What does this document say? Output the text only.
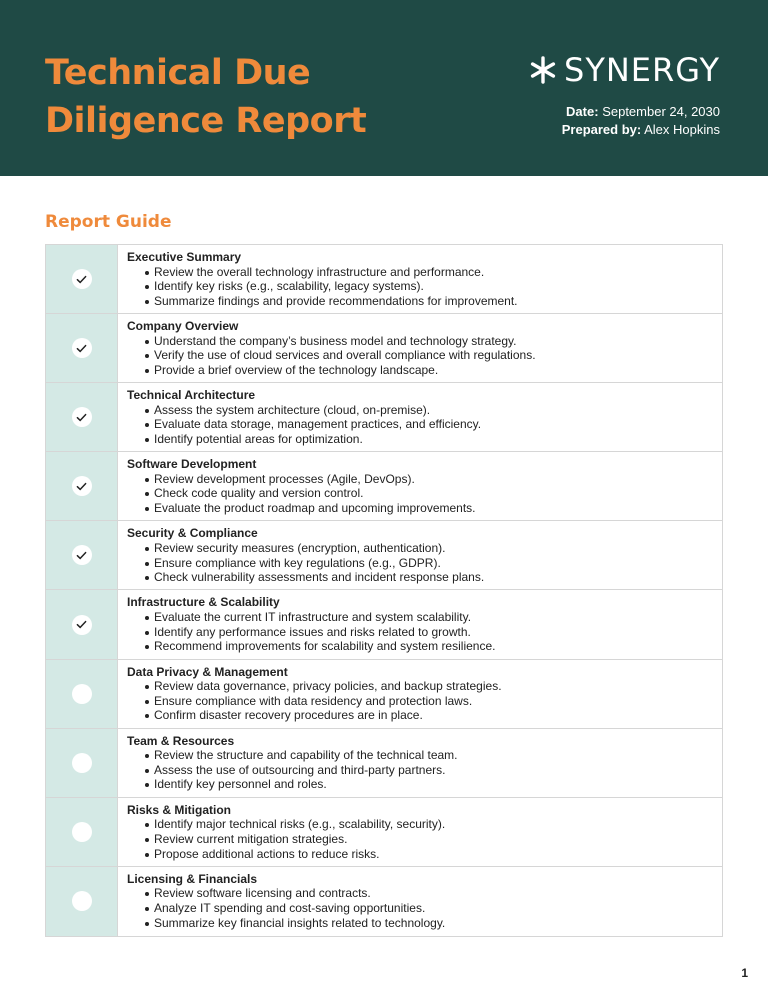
Technical Due
Diligence Report
SYNERGY
Date: September 24, 2030
Prepared by: Alex Hopkins
Report Guide
Executive Summary
Review the overall technology infrastructure and performance.
Identify key risks (e.g., scalability, legacy systems).
Summarize findings and provide recommendations for improvement.
Company Overview
Understand the company’s business model and technology strategy.
Verify the use of cloud services and overall compliance with regulations.
Provide a brief overview of the technology landscape.
Technical Architecture
Assess the system architecture (cloud, on-premise).
Evaluate data storage, management practices, and efficiency.
Identify potential areas for optimization.
Software Development
Review development processes (Agile, DevOps).
Check code quality and version control.
Evaluate the product roadmap and upcoming improvements.
Security & Compliance
Review security measures (encryption, authentication).
Ensure compliance with key regulations (e.g., GDPR).
Check vulnerability assessments and incident response plans.
Infrastructure & Scalability
Evaluate the current IT infrastructure and system scalability.
Identify any performance issues and risks related to growth.
Recommend improvements for scalability and system resilience.
Data Privacy & Management
Review data governance, privacy policies, and backup strategies.
Ensure compliance with data residency and protection laws.
Confirm disaster recovery procedures are in place.
Team & Resources
Review the structure and capability of the technical team.
Assess the use of outsourcing and third-party partners.
Identify key personnel and roles.
Risks & Mitigation
Identify major technical risks (e.g., scalability, security).
Review current mitigation strategies.
Propose additional actions to reduce risks.
Licensing & Financials
Review software licensing and contracts.
Analyze IT spending and cost-saving opportunities.
Summarize key financial insights related to technology.
1
